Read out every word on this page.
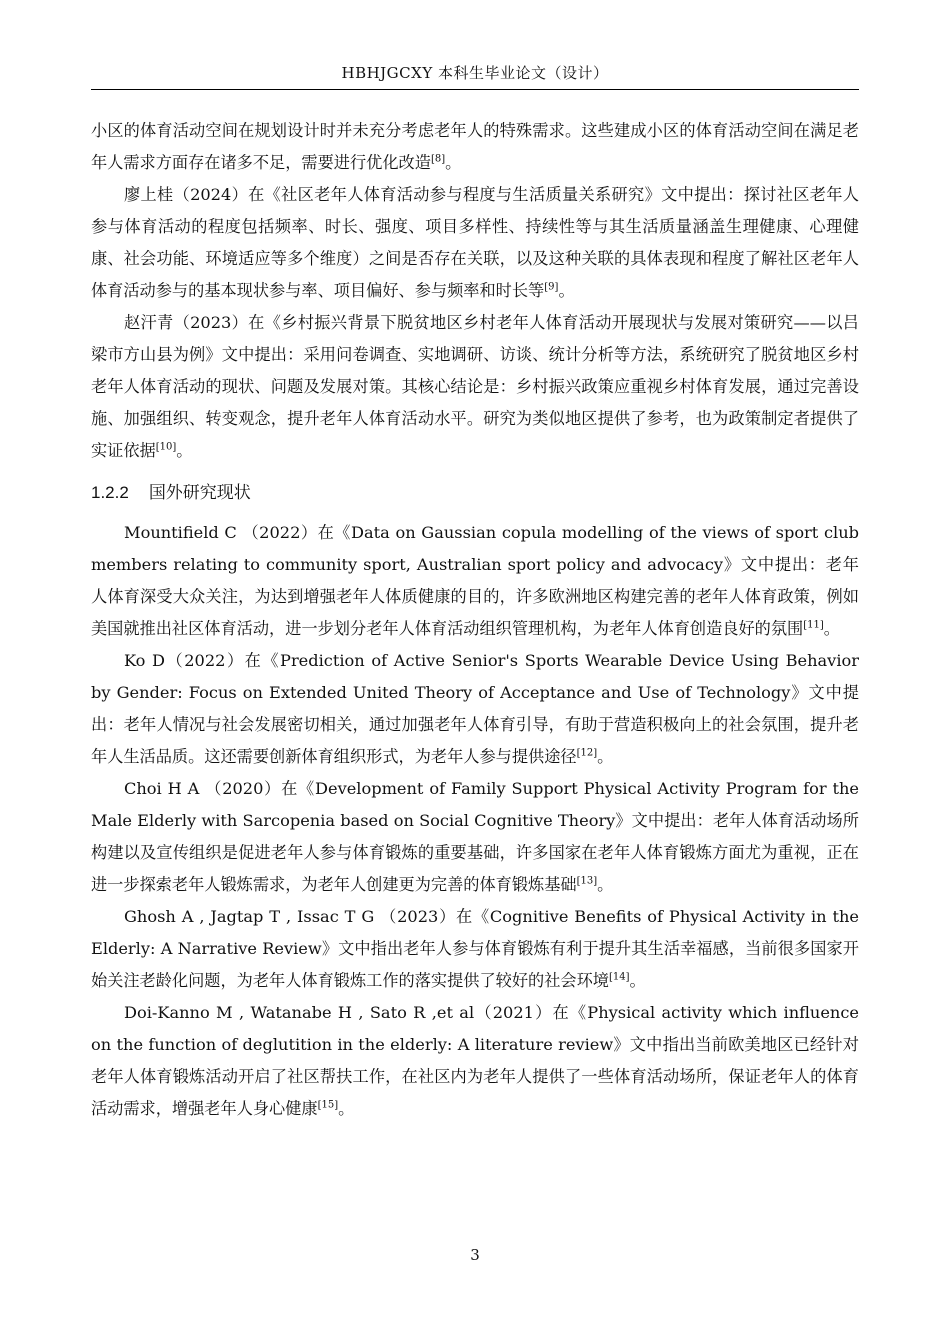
HBHJGCXY 本科生毕业论文（设计）

小区的体育活动空间在规划设计时并未充分考虑老年人的特殊需求。这些建成小区的体育活动空间在满足老年人需求方面存在诸多不足，需要进行优化改造 [ $^8$ ] 。

廖上桂（2024）在《社区老年人体育活动参与程度与生活质量关系研究》文中提出：探讨社区老年人参与体育活动的程度包括频率、时长、强度、项目多样性、持续性等与其生活质量涵盖生理健康、心理健康、社会功能、环境适应等多个维度）之间是否存在关联，以及这种关联的具体表现和程度了解社区老年人体育活动参与的基本现状参与率、项目偏好、参与频率和时长等 [ $^9$ ] 。

赵汗青（2023）在《乡村振兴背景下脱贫地区乡村老年人体育活动开展现状与发展对策研究——以吕梁市方山县为例》文中提出：采用问卷调查、实地调研、访谈、统计分析等方法，系统研究了脱贫地区乡村老年人体育活动的现状、问题及发展对策。其核心结论是：乡村振兴政策应重视乡村体育发展，通过完善设施、加强组织、转变观念，提升老年人体育活动水平。研究为类似地区提供了参考，也为政策制定者提供了实证依据 [ $^{10}$ ] 。

1.2.2 国外研究现状

Mountifield C （2022）在《Data on Gaussian copula modelling of the views of sport club members relating to community sport, Australian sport policy and advocacy》文中提出：老年人体育深受大众关注，为达到增强老年人体质健康的目的，许多欧洲地区构建完善的老年人体育政策，例如美国就推出社区体育活动，进一步划分老年人体育活动组织管理机构，为老年人体育创造良好的氛围 [ $^{11}$ ] 。

Ko D（2022）在《Prediction of Active Senior's Sports Wearable Device Using Behavior by Gender: Focus on Extended United Theory of Acceptance and Use of Technology》文中提出：老年人情况与社会发展密切相关，通过加强老年人体育引导，有助于营造积极向上的社会氛围，提升老年人生活品质。这还需要创新体育组织形式，为老年人参与提供途径 [ $^{12}$ ] 。

Choi H A （2020）在《Development of Family Support Physical Activity Program for the Male Elderly with Sarcopenia based on Social Cognitive Theory》文中提出：老年人体育活动场所构建以及宣传组织是促进老年人参与体育锻炼的重要基础，许多国家在老年人体育锻炼方面尤为重视，正在进一步探索老年人锻炼需求，为老年人创建更为完善的体育锻炼基础 [ $^{13}$ ] 。

Ghosh A , Jagtap T , Issac T G （2023）在《Cognitive Benefits of Physical Activity in the Elderly: A Narrative Review》文中指出老年人参与体育锻炼有利于提升其生活幸福感，当前很多国家开始关注老龄化问题，为老年人体育锻炼工作的落实提供了较好的社会环境 [ $^{14}$ ] 。

Doi-Kanno M , Watanabe H , Sato R ,et al（2021）在《Physical activity which influence on the function of deglutition in the elderly: A literature review》文中指出当前欧美地区已经针对老年人体育锻炼活动开启了社区帮扶工作，在社区内为老年人提供了一些体育活动场所，保证老年人的体育活动需求，增强老年人身心健康 [ $^{15}$ ] 。

3
